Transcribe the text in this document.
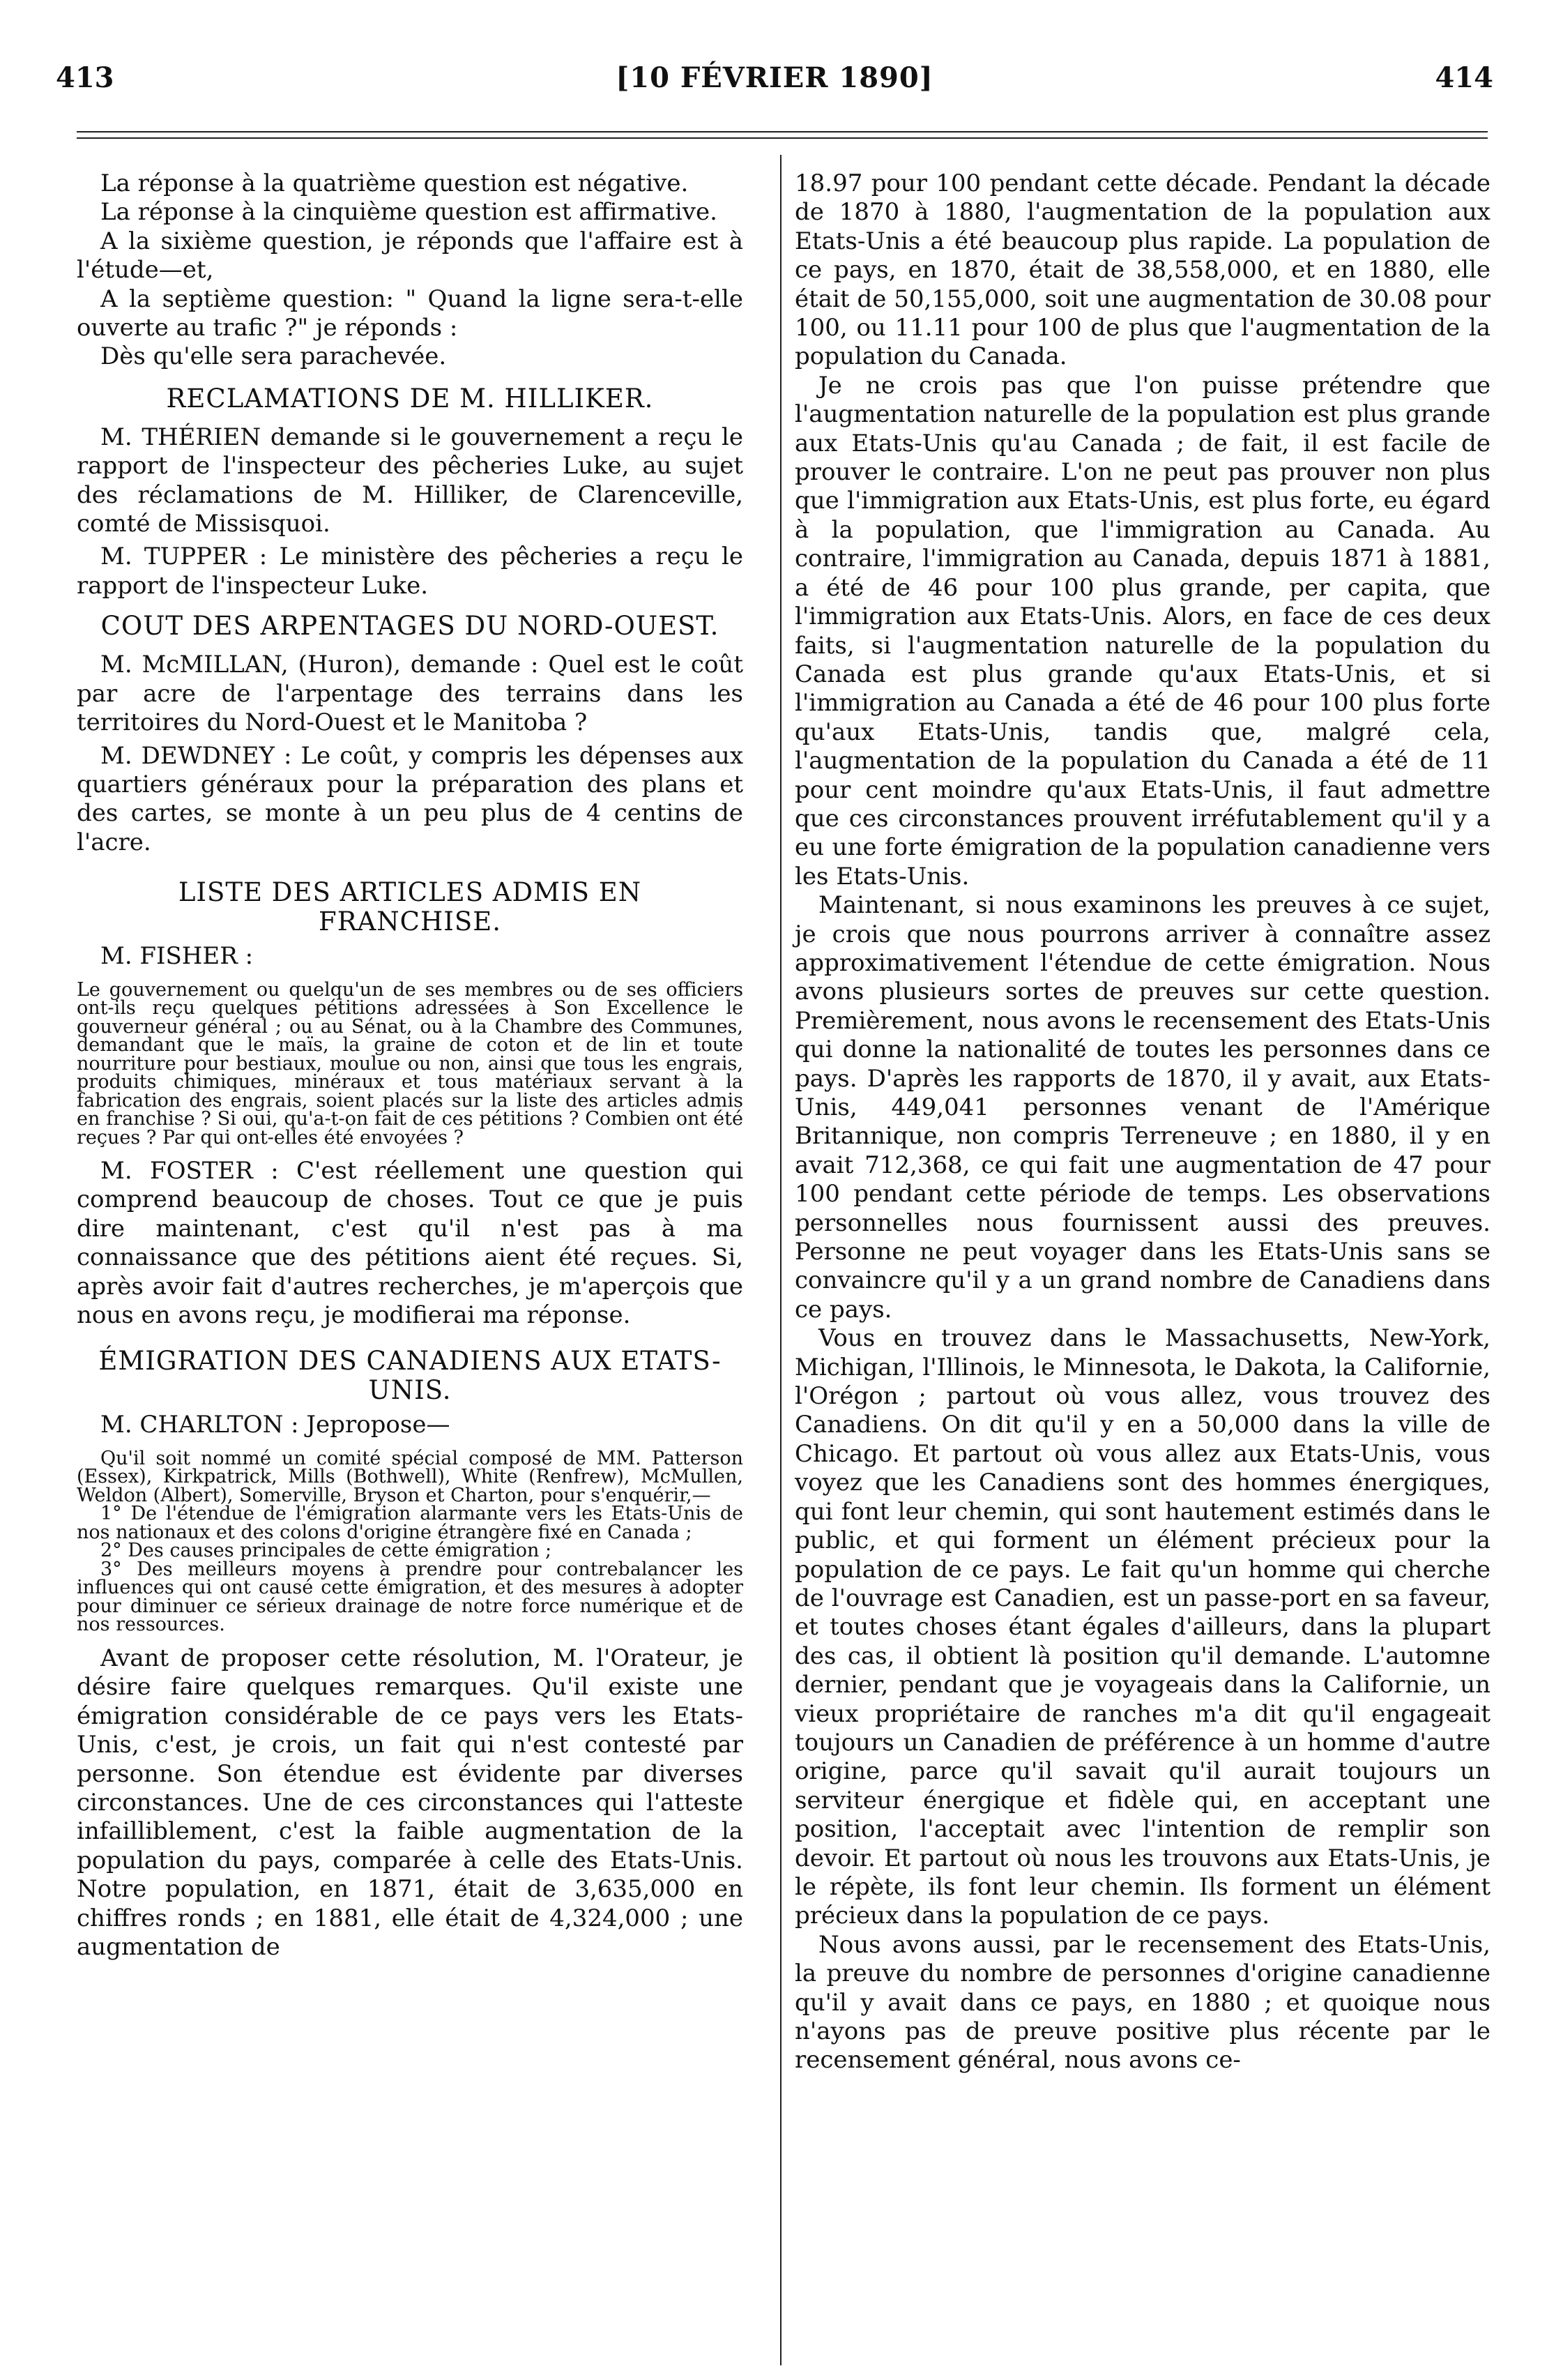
413	[10 FÉVRIER 1890]	414

La réponse à la quatrième question est négative.

La réponse à la cinquième question est affirmative.

A la sixième question, je réponds que l'affaire est à l'étude—et,

A la septième question: " Quand la ligne sera-t-elle ouverte au trafic ?" je réponds :

Dès qu'elle sera parachevée.

RECLAMATIONS DE M. HILLIKER.

M. THÉRIEN demande si le gouvernement a reçu le rapport de l'inspecteur des pêcheries Luke, au sujet des réclamations de M. Hilliker, de Clarenceville, comté de Missisquoi.

M. TUPPER : Le ministère des pêcheries a reçu le rapport de l'inspecteur Luke.

COUT DES ARPENTAGES DU NORD-OUEST.

M. McMILLAN, (Huron), demande : Quel est le coût par acre de l'arpentage des terrains dans les territoires du Nord-Ouest et le Manitoba ?

M. DEWDNEY : Le coût, y compris les dépenses aux quartiers généraux pour la préparation des plans et des cartes, se monte à un peu plus de 4 centins de l'acre.

LISTE DES ARTICLES ADMIS EN FRANCHISE.

M. FISHER :

Le gouvernement ou quelqu'un de ses membres ou de ses officiers ont-ils reçu quelques pétitions adressées à Son Excellence le gouverneur général ; ou au Sénat, ou à la Chambre des Communes, demandant que le maïs, la graine de coton et de lin et toute nourriture pour bestiaux, moulue ou non, ainsi que tous les engrais, produits chimiques, minéraux et tous matériaux servant à la fabrication des engrais, soient placés sur la liste des articles admis en franchise ? Si oui, qu'a-t-on fait de ces pétitions ? Combien ont été reçues ? Par qui ont-elles été envoyées ?

M. FOSTER : C'est réellement une question qui comprend beaucoup de choses. Tout ce que je puis dire maintenant, c'est qu'il n'est pas à ma connaissance que des pétitions aient été reçues. Si, après avoir fait d'autres recherches, je m'aperçois que nous en avons reçu, je modifierai ma réponse.

ÉMIGRATION DES CANADIENS AUX ETATS-UNIS.

M. CHARLTON : Jepropose—

Qu'il soit nommé un comité spécial composé de MM. Patterson (Essex), Kirkpatrick, Mills (Bothwell), White (Renfrew), McMullen, Weldon (Albert), Somerville, Bryson et Charton, pour s'enquérir,—

1° De l'étendue de l'émigration alarmante vers les Etats-Unis de nos nationaux et des colons d'origine étrangère fixé en Canada ;

2° Des causes principales de cette émigration ;

3° Des meilleurs moyens à prendre pour contrebalancer les influences qui ont causé cette émigration, et des mesures à adopter pour diminuer ce sérieux drainage de notre force numérique et de nos ressources.

Avant de proposer cette résolution, M. l'Orateur, je désire faire quelques remarques. Qu'il existe une émigration considérable de ce pays vers les Etats-Unis, c'est, je crois, un fait qui n'est contesté par personne. Son étendue est évidente par diverses circonstances. Une de ces circonstances qui l'atteste infailliblement, c'est la faible augmentation de la population du pays, comparée à celle des Etats-Unis. Notre population, en 1871, était de 3,635,000 en chiffres ronds ; en 1881, elle était de 4,324,000 ; une augmentation de

18.97 pour 100 pendant cette décade. Pendant la décade de 1870 à 1880, l'augmentation de la population aux Etats-Unis a été beaucoup plus rapide. La population de ce pays, en 1870, était de 38,558,000, et en 1880, elle était de 50,155,000, soit une augmentation de 30.08 pour 100, ou 11.11 pour 100 de plus que l'augmentation de la population du Canada.

Je ne crois pas que l'on puisse prétendre que l'augmentation naturelle de la population est plus grande aux Etats-Unis qu'au Canada ; de fait, il est facile de prouver le contraire. L'on ne peut pas prouver non plus que l'immigration aux Etats-Unis, est plus forte, eu égard à la population, que l'immigration au Canada. Au contraire, l'immigration au Canada, depuis 1871 à 1881, a été de 46 pour 100 plus grande, per capita, que l'immigration aux Etats-Unis. Alors, en face de ces deux faits, si l'augmentation naturelle de la population du Canada est plus grande qu'aux Etats-Unis, et si l'immigration au Canada a été de 46 pour 100 plus forte qu'aux Etats-Unis, tandis que, malgré cela, l'augmentation de la population du Canada a été de 11 pour cent moindre qu'aux Etats-Unis, il faut admettre que ces circonstances prouvent irréfutablement qu'il y a eu une forte émigration de la population canadienne vers les Etats-Unis.

Maintenant, si nous examinons les preuves à ce sujet, je crois que nous pourrons arriver à connaître assez approximativement l'étendue de cette émigration. Nous avons plusieurs sortes de preuves sur cette question. Premièrement, nous avons le recensement des Etats-Unis qui donne la nationalité de toutes les personnes dans ce pays. D'après les rapports de 1870, il y avait, aux Etats-Unis, 449,041 personnes venant de l'Amérique Britannique, non compris Terreneuve ; en 1880, il y en avait 712,368, ce qui fait une augmentation de 47 pour 100 pendant cette période de temps. Les observations personnelles nous fournissent aussi des preuves. Personne ne peut voyager dans les Etats-Unis sans se convaincre qu'il y a un grand nombre de Canadiens dans ce pays.

Vous en trouvez dans le Massachusetts, New-York, Michigan, l'Illinois, le Minnesota, le Dakota, la Californie, l'Orégon ; partout où vous allez, vous trouvez des Canadiens. On dit qu'il y en a 50,000 dans la ville de Chicago. Et partout où vous allez aux Etats-Unis, vous voyez que les Canadiens sont des hommes énergiques, qui font leur chemin, qui sont hautement estimés dans le public, et qui forment un élément précieux pour la population de ce pays. Le fait qu'un homme qui cherche de l'ouvrage est Canadien, est un passe-port en sa faveur, et toutes choses étant égales d'ailleurs, dans la plupart des cas, il obtient là position qu'il demande. L'automne dernier, pendant que je voyageais dans la Californie, un vieux propriétaire de ranches m'a dit qu'il engageait toujours un Canadien de préférence à un homme d'autre origine, parce qu'il savait qu'il aurait toujours un serviteur énergique et fidèle qui, en acceptant une position, l'acceptait avec l'intention de remplir son devoir. Et partout où nous les trouvons aux Etats-Unis, je le répète, ils font leur chemin. Ils forment un élément précieux dans la population de ce pays.

Nous avons aussi, par le recensement des Etats-Unis, la preuve du nombre de personnes d'origine canadienne qu'il y avait dans ce pays, en 1880 ; et quoique nous n'ayons pas de preuve positive plus récente par le recensement général, nous avons ce-
